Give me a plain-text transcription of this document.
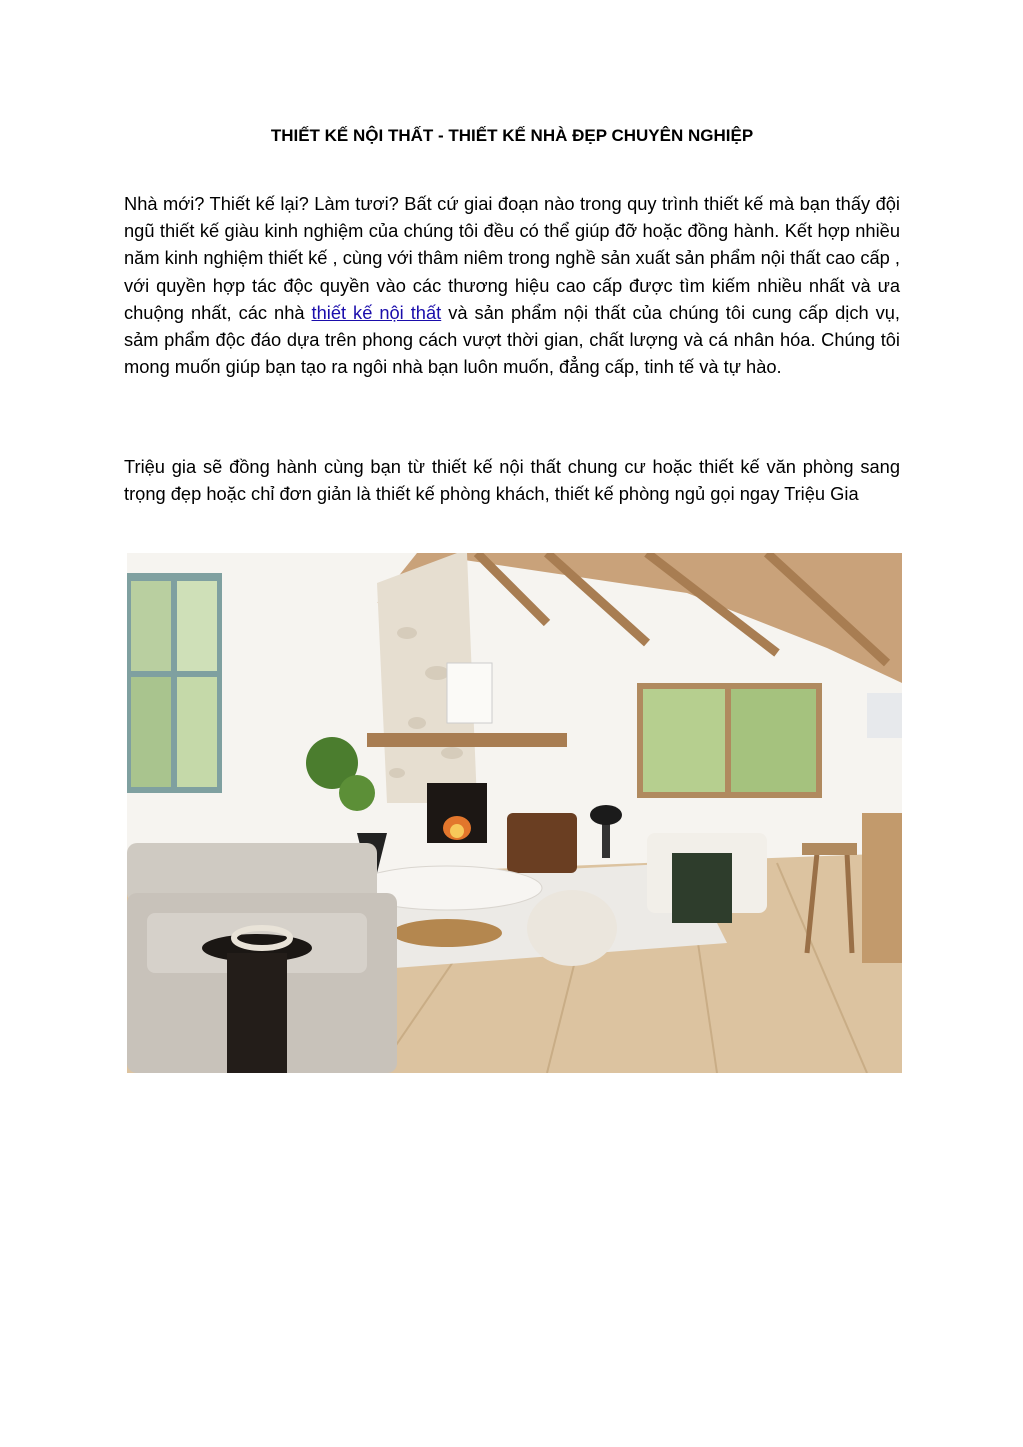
THIẾT KẾ NỘI THẤT - THIẾT KẾ NHÀ ĐẸP CHUYÊN NGHIỆP

Nhà mới? Thiết kế lại? Làm tươi? Bất cứ giai đoạn nào trong quy trình thiết kế mà bạn thấy đội ngũ thiết kế giàu kinh nghiệm của chúng tôi đều có thể giúp đỡ hoặc đồng hành. Kết hợp nhiều năm kinh nghiệm thiết kế , cùng với thâm niêm trong nghề sản xuất sản phẩm nội thất cao cấp , với quyền hợp tác độc quyền vào các thương hiệu cao cấp được tìm kiếm nhiều nhất và ưa chuộng nhất, các nhà thiết kế nội thất và sản phẩm nội thất của chúng tôi cung cấp dịch vụ, sảm phẩm độc đáo dựa trên phong cách vượt thời gian, chất lượng và cá nhân hóa. Chúng tôi mong muốn giúp bạn tạo ra ngôi nhà bạn luôn muốn, đẳng cấp, tinh tế và tự hào.

Triệu gia sẽ đồng hành cùng bạn từ thiết kế nội thất chung cư hoặc thiết kế văn phòng sang trọng đẹp hoặc chỉ đơn giản là thiết kế phòng khách, thiết kế phòng ngủ gọi ngay Triệu Gia
